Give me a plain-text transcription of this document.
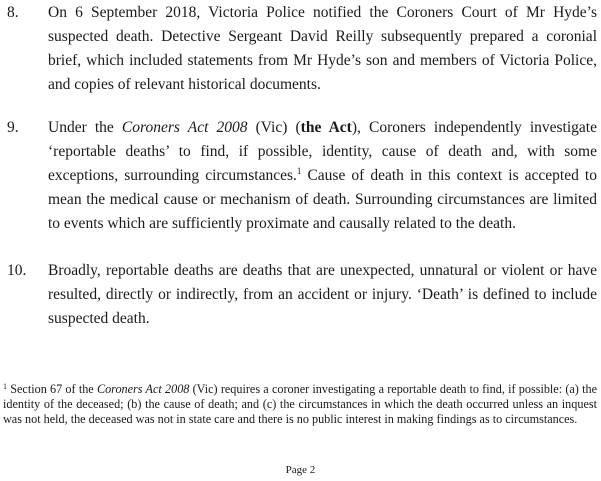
8.	On 6 September 2018, Victoria Police notified the Coroners Court of Mr Hyde’s suspected death. Detective Sergeant David Reilly subsequently prepared a coronial brief, which included statements from Mr Hyde’s son and members of Victoria Police, and copies of relevant historical documents.
9.	Under the Coroners Act 2008 (Vic) (the Act), Coroners independently investigate ‘reportable deaths’ to find, if possible, identity, cause of death and, with some exceptions, surrounding circumstances.$^1$ Cause of death in this context is accepted to mean the medical cause or mechanism of death. Surrounding circumstances are limited to events which are sufficiently proximate and causally related to the death.
10.	Broadly, reportable deaths are deaths that are unexpected, unnatural or violent or have resulted, directly or indirectly, from an accident or injury. ‘Death’ is defined to include suspected death.
$^1$ Section 67 of the Coroners Act 2008 (Vic) requires a coroner investigating a reportable death to find, if possible: (a) the identity of the deceased; (b) the cause of death; and (c) the circumstances in which the death occurred unless an inquest was not held, the deceased was not in state care and there is no public interest in making findings as to circumstances.
Page 2
